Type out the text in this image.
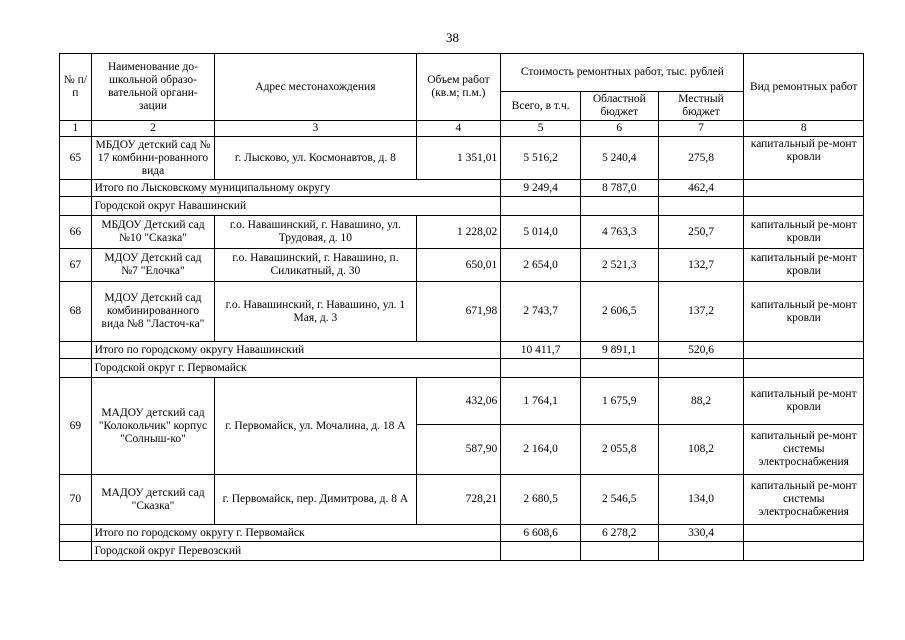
38
№ п/п	Наименование до-школьной образо-вательной органи-зации	Адрес местонахождения	Объем работ (кв.м; п.м.)	Стоимость ремонтных работ, тыс. рублей			Вид ремонтных работ
				Всего, в т.ч.	Областной бюджет	Местный бюджет	
1	2	3	4	5	6	7	8
65	МБДОУ детский сад № 17 комбини-рованного вида	г. Лысково, ул. Космонавтов, д. 8	1 351,01	5 516,2	5 240,4	275,8	капитальный ре-монт кровли
	Итого по Лысковскому муниципальному округу			9 249,4	8 787,0	462,4	
	Городской округ Навашинский						
66	МБДОУ Детский сад №10 "Сказка"	г.о. Навашинский, г. Навашино, ул. Трудовая, д. 10	1 228,02	5 014,0	4 763,3	250,7	капитальный ре-монт кровли
67	МДОУ Детский сад №7 "Елочка"	г.о. Навашинский, г. Навашино, п. Силикатный, д. 30	650,01	2 654,0	2 521,3	132,7	капитальный ре-монт кровли
68	МДОУ Детский сад комбинированного вида №8 "Ласточ-ка"	г.о. Навашинский, г. Навашино, ул. 1 Мая, д. 3	671,98	2 743,7	2 606,5	137,2	капитальный ре-монт кровли
	Итого по городскому округу Навашинский			10 411,7	9 891,1	520,6	
	Городской округ г. Первомайск						
69	МАДОУ детский сад "Колокольчик" корпус "Солныш-ко"	г. Первомайск, ул. Мочалина, д. 18 А	432,06	1 764,1	1 675,9	88,2	капитальный ре-монт кровли
			587,90	2 164,0	2 055,8	108,2	капитальный ре-монт системы электроснабжения
70	МАДОУ детский сад "Сказка"	г. Первомайск, пер. Димитрова, д. 8 А	728,21	2 680,5	2 546,5	134,0	капитальный ре-монт системы электроснабжения
	Итого по городскому округу г. Первомайск			6 608,6	6 278,2	330,4	
	Городской округ Перевозский						
